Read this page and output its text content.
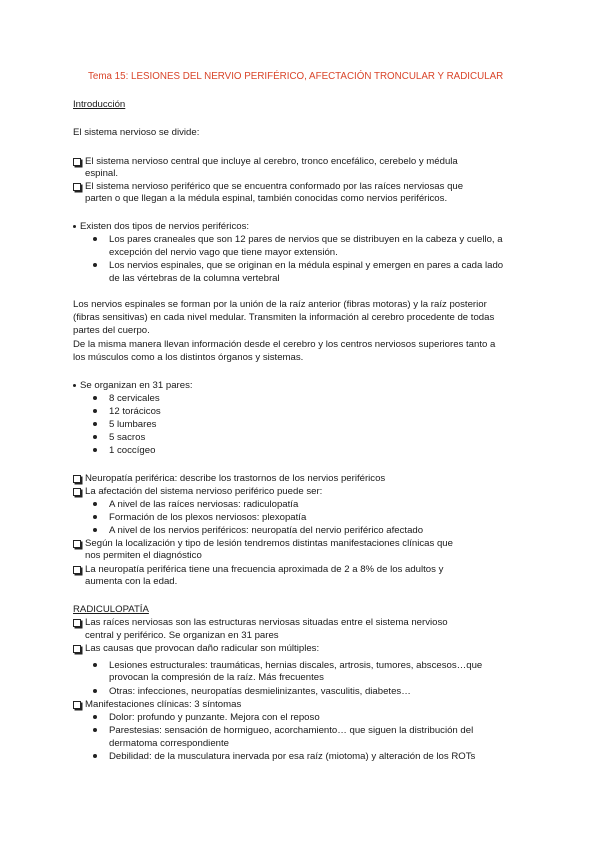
Tema 15: LESIONES DEL NERVIO PERIFÉRICO, AFECTACIÓN TRONCULAR Y RADICULAR
Introducción
El sistema nervioso se divide:
El sistema nervioso central que incluye al cerebro, tronco encefálico, cerebelo y médula
espinal.
El sistema nervioso periférico que se encuentra conformado por las raíces nerviosas que
parten o que llegan a la médula espinal, también conocidas como nervios periféricos.
Existen dos tipos de nervios periféricos:
Los pares craneales que son 12 pares de nervios que se distribuyen en la cabeza y cuello, a
excepción del nervio vago que tiene mayor extensión.
Los nervios espinales, que se originan en la médula espinal y emergen en pares a cada lado
de las vértebras de la columna vertebral
Los nervios espinales se forman por la unión de la raíz anterior (fibras motoras) y la raíz posterior
(fibras sensitivas) en cada nivel medular. Transmiten la información al cerebro procedente de todas
partes del cuerpo.
De la misma manera llevan información desde el cerebro y los centros nerviosos superiores tanto a
los músculos como a los distintos órganos y sistemas.
Se organizan en 31 pares:
8 cervicales
12 torácicos
5 lumbares
5 sacros
1 coccígeo
Neuropatía periférica: describe los trastornos de los nervios periféricos
La afectación del sistema nervioso periférico puede ser:
A nivel de las raíces nerviosas: radiculopatía
Formación de los plexos nerviosos: plexopatía
A nivel de los nervios periféricos: neuropatía del nervio periférico afectado
Según la localización y tipo de lesión tendremos distintas manifestaciones clínicas que
nos permiten el diagnóstico
La neuropatía periférica tiene una frecuencia aproximada de 2 a 8% de los adultos y
aumenta con la edad.
RADICULOPATÍA
Las raíces nerviosas son las estructuras nerviosas situadas entre el sistema nervioso
central y periférico. Se organizan en 31 pares
Las causas que provocan daño radicular son múltiples:
Lesiones estructurales: traumáticas, hernias discales, artrosis, tumores, abscesos…que
provocan la compresión de la raíz. Más frecuentes
Otras: infecciones, neuropatías desmielinizantes, vasculitis, diabetes…
Manifestaciones clínicas: 3 síntomas
Dolor: profundo y punzante. Mejora con el reposo
Parestesias: sensación de hormigueo, acorchamiento… que siguen la distribución del
dermatoma correspondiente
Debilidad: de la musculatura inervada por esa raíz (miotoma) y alteración de los ROTs
